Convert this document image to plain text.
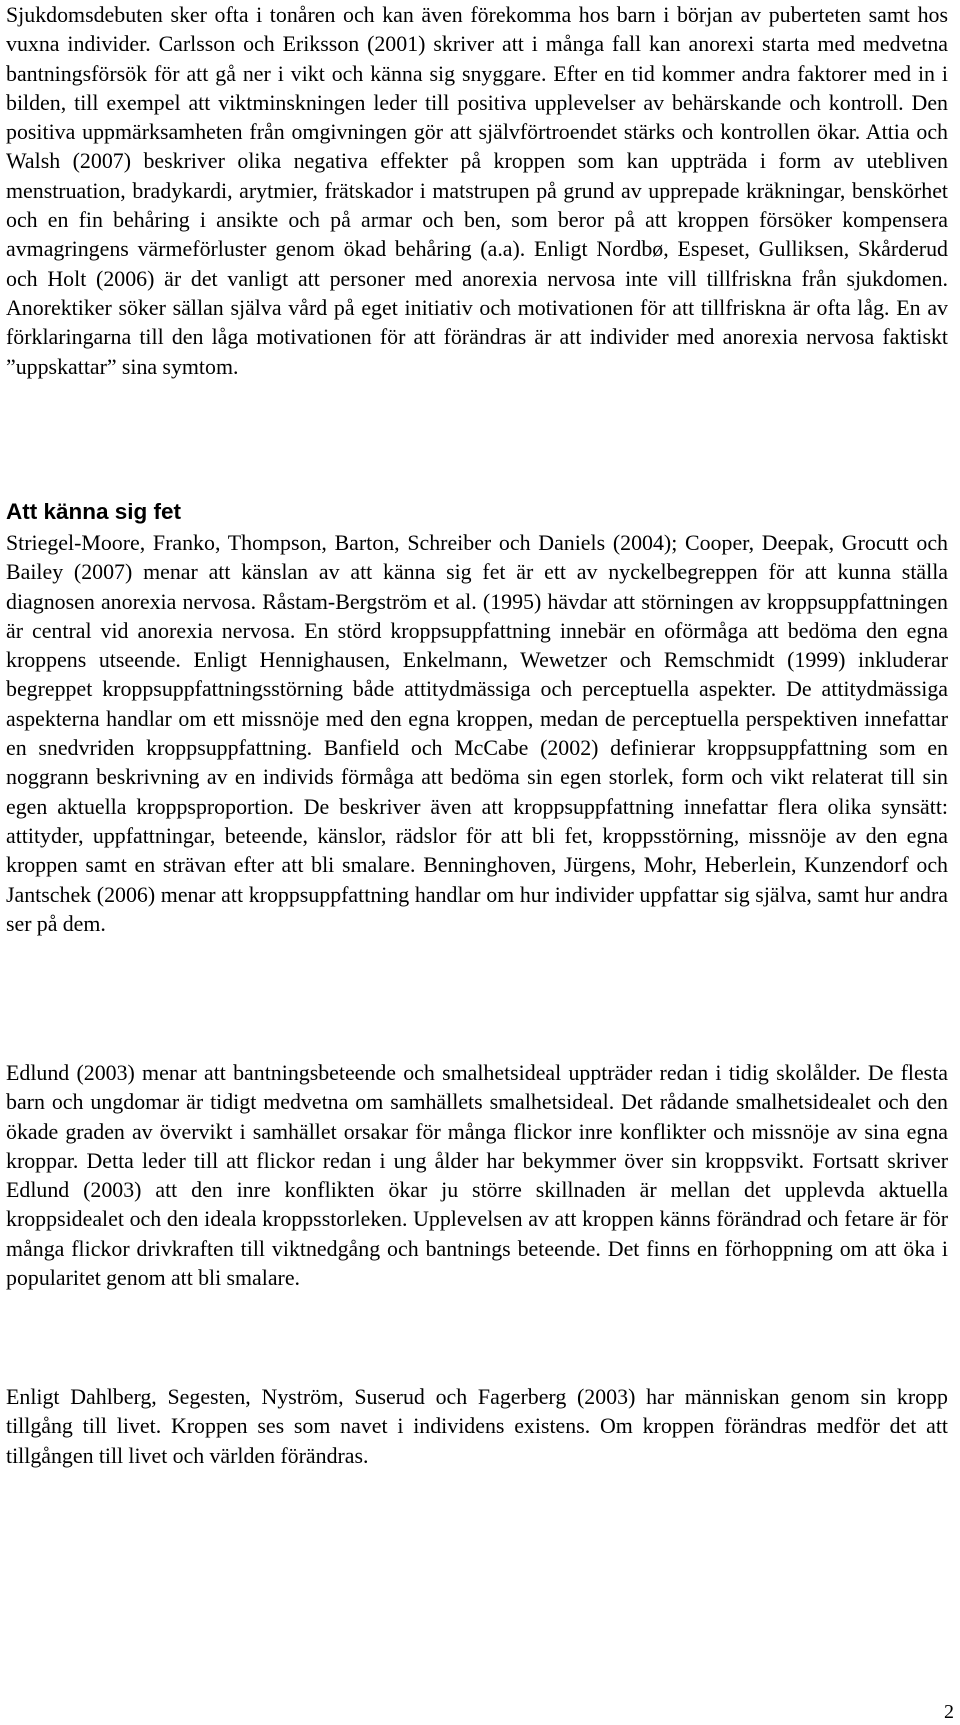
Sjukdomsdebuten sker ofta i tonåren och kan även förekomma hos barn i början av puberteten samt hos vuxna individer. Carlsson och Eriksson (2001) skriver att i många fall kan anorexi starta med medvetna bantningsförsök för att gå ner i vikt och känna sig snyggare. Efter en tid kommer andra faktorer med in i bilden, till exempel att viktminskningen leder till positiva upplevelser av behärskande och kontroll. Den positiva uppmärksamheten från omgivningen gör att självförtroendet stärks och kontrollen ökar. Attia och Walsh (2007) beskriver olika negativa effekter på kroppen som kan uppträda i form av utebliven menstruation, bradykardi, arytmier, frätskador i matstrupen på grund av upprepade kräkningar, benskörhet och en fin behåring i ansikte och på armar och ben, som beror på att kroppen försöker kompensera avmagringens värmeförluster genom ökad behåring (a.a). Enligt Nordbø, Espeset, Gulliksen, Skårderud och Holt (2006) är det vanligt att personer med anorexia nervosa inte vill tillfriskna från sjukdomen. Anorektiker söker sällan själva vård på eget initiativ och motivationen för att tillfriskna är ofta låg. En av förklaringarna till den låga motivationen för att förändras är att individer med anorexia nervosa faktiskt ”uppskattar” sina symtom.

Att känna sig fet

Striegel-Moore, Franko, Thompson, Barton, Schreiber och Daniels (2004); Cooper, Deepak, Grocutt och Bailey (2007) menar att känslan av att känna sig fet är ett av nyckelbegreppen för att kunna ställa diagnosen anorexia nervosa. Råstam-Bergström et al. (1995) hävdar att störningen av kroppsuppfattningen är central vid anorexia nervosa. En störd kroppsuppfattning innebär en oförmåga att bedöma den egna kroppens utseende. Enligt Hennighausen, Enkelmann, Wewetzer och Remschmidt (1999) inkluderar begreppet kroppsuppfattningsstörning både attitydmässiga och perceptuella aspekter. De attitydmässiga aspekterna handlar om ett missnöje med den egna kroppen, medan de perceptuella perspektiven innefattar en snedvriden kroppsuppfattning. Banfield och McCabe (2002) definierar kroppsuppfattning som en noggrann beskrivning av en individs förmåga att bedöma sin egen storlek, form och vikt relaterat till sin egen aktuella kroppsproportion. De beskriver även att kroppsuppfattning innefattar flera olika synsätt: attityder, uppfattningar, beteende, känslor, rädslor för att bli fet, kroppsstörning, missnöje av den egna kroppen samt en strävan efter att bli smalare. Benninghoven, Jürgens, Mohr, Heberlein, Kunzendorf och Jantschek (2006) menar att kroppsuppfattning handlar om hur individer uppfattar sig själva, samt hur andra ser på dem.

Edlund (2003) menar att bantningsbeteende och smalhetsideal uppträder redan i tidig skolålder. De flesta barn och ungdomar är tidigt medvetna om samhällets smalhetsideal. Det rådande smalhetsidealet och den ökade graden av övervikt i samhället orsakar för många flickor inre konflikter och missnöje av sina egna kroppar. Detta leder till att flickor redan i ung ålder har bekymmer över sin kroppsvikt. Fortsatt skriver Edlund (2003) att den inre konflikten ökar ju större skillnaden är mellan det upplevda aktuella kroppsidealet och den ideala kroppsstorleken. Upplevelsen av att kroppen känns förändrad och fetare är för många flickor drivkraften till viktnedgång och bantnings beteende. Det finns en förhoppning om att öka i popularitet genom att bli smalare.

Enligt Dahlberg, Segesten, Nyström, Suserud och Fagerberg (2003) har människan genom sin kropp tillgång till livet. Kroppen ses som navet i individens existens. Om kroppen förändras medför det att tillgången till livet och världen förändras.

2
